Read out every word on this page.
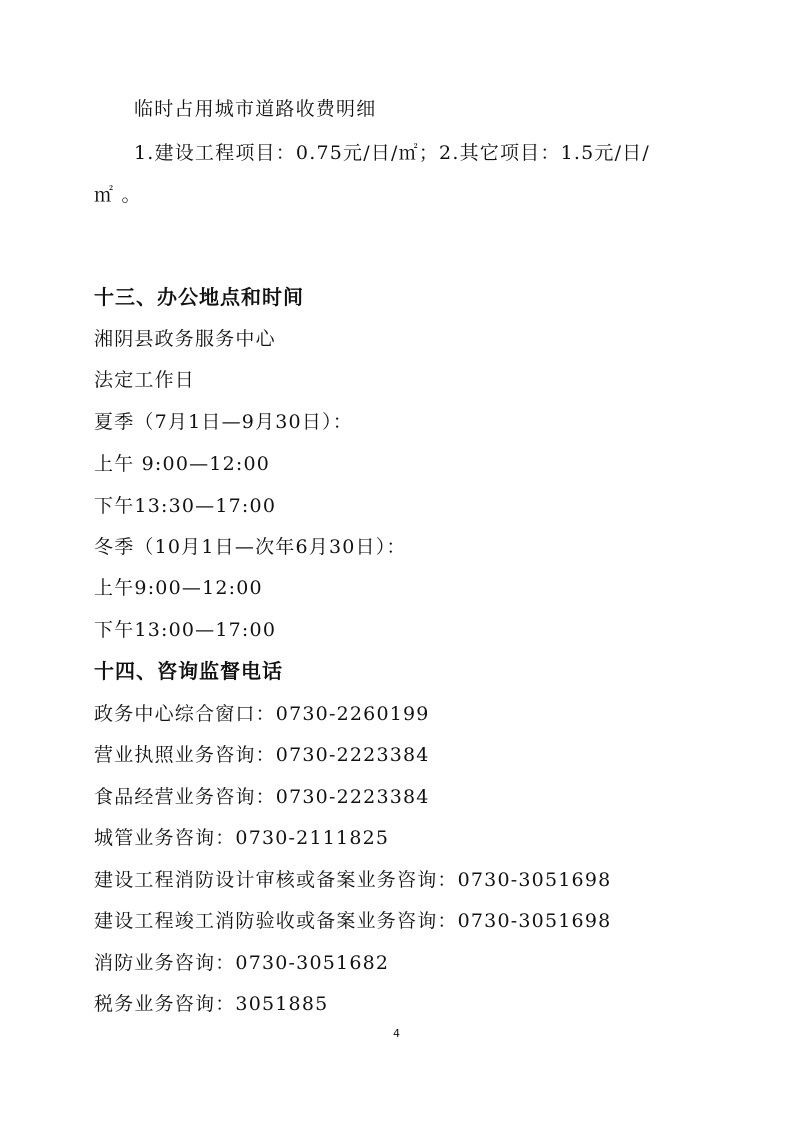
临时占用城市道路收费明细
1.建设工程项目：0.75元/日/㎡；2.其它项目：1.5元/日/
㎡ 。
十三、办公地点和时间
湘阴县政务服务中心
法定工作日
夏季（7月1日—9月30日）：
上午 9:00—12:00
下午13:30—17:00
冬季（10月1日—次年6月30日）：
上午9:00—12:00
下午13:00—17:00
十四、咨询监督电话
政务中心综合窗口：0730-2260199
营业执照业务咨询：0730-2223384
食品经营业务咨询：0730-2223384
城管业务咨询：0730-2111825
建设工程消防设计审核或备案业务咨询：0730-3051698
建设工程竣工消防验收或备案业务咨询：0730-3051698
消防业务咨询：0730-3051682
税务业务咨询：3051885
4
